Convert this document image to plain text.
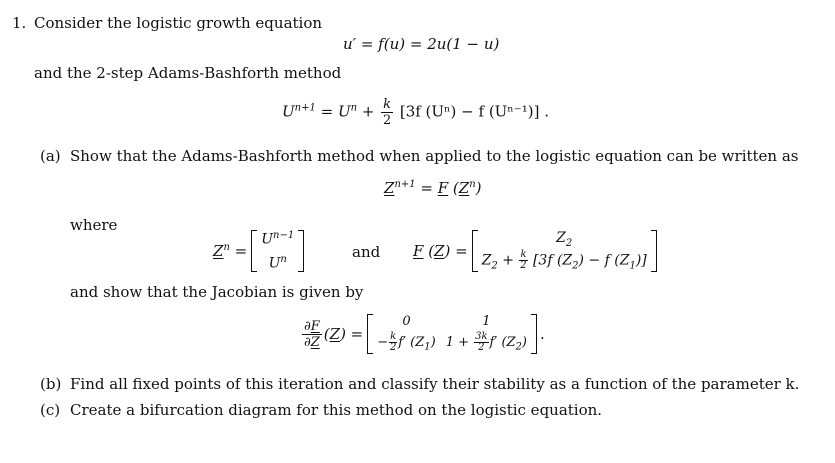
1. Consider the logistic growth equation
u′ = f(u) = 2u(1 − u)
and the 2-step Adams-Bashforth method
$U^{n+1} = U^n + \frac{k}{2} [3f$ (Uⁿ) − f (Uⁿ⁻¹)] .
(a) Show that the Adams-Bashforth method when applied to the logistic equation can be written as
$Z^{n+1} = F$ $(Z^n)$
where
$Z^n$ =
$U^{n-1}$
$U^n$	and F (Z) =
$Z_2$
$Z_2 + \frac{k}{2} [3f$ $(Z_2) - f$ $(Z_1)$]
and show that the Jacobian is given by
$\frac{\partial F}{\partial Z} (Z)$ =
0	1
− $\frac{k}{2} f'$ $(Z_1) 1 + \frac{3k}{2} f'$ $(Z_2)$ .
(b) Find all fixed points of this iteration and classify their stability as a function of the parameter k.
(c) Create a bifurcation diagram for this method on the logistic equation.
